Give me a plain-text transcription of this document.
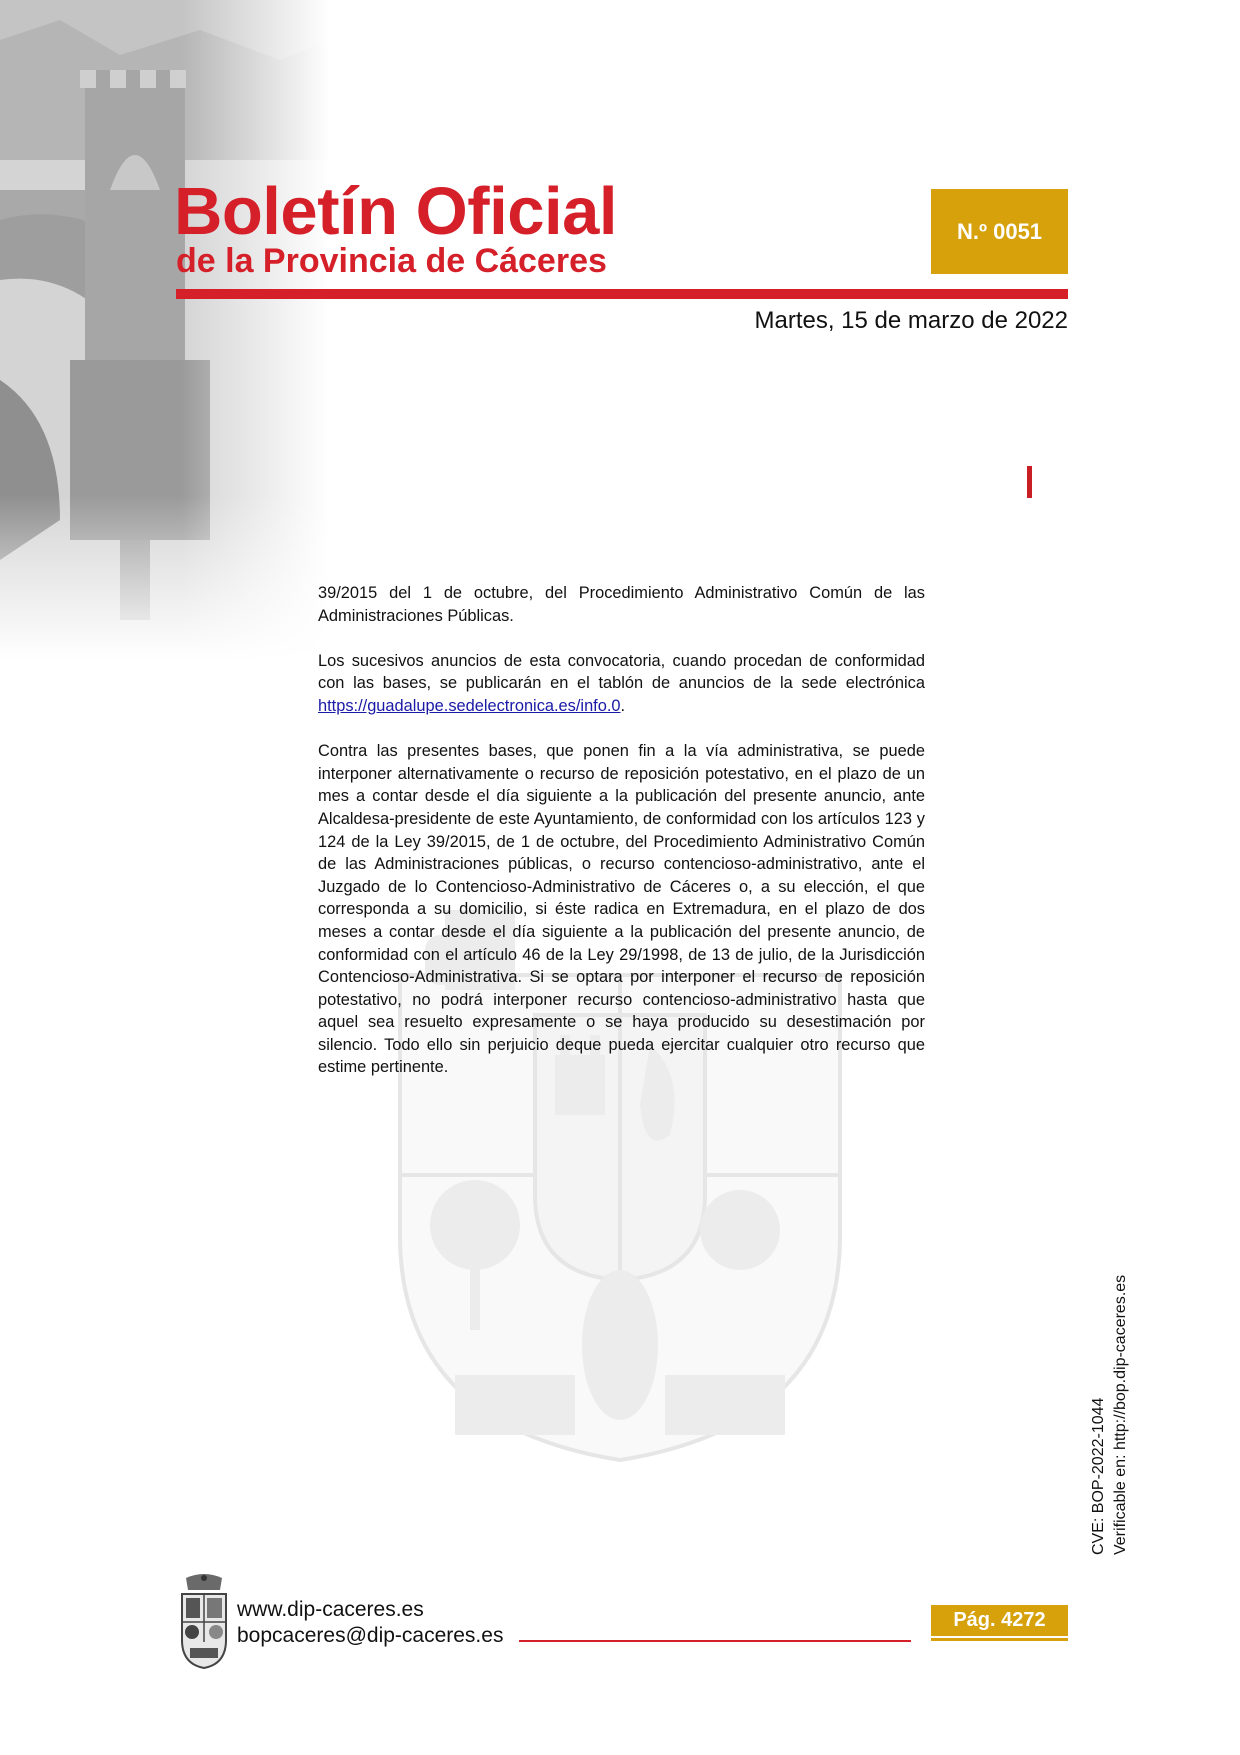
Boletín Oficial
de la Provincia de Cáceres
N.º 0051
Martes, 15 de marzo de 2022

39/2015 del 1 de octubre, del Procedimiento Administrativo Común de las Administraciones Públicas.

Los sucesivos anuncios de esta convocatoria, cuando procedan de conformidad con las bases, se publicarán en el tablón de anuncios de la sede electrónica https://guadalupe.sedelectronica.es/info.0.

Contra las presentes bases, que ponen fin a la vía administrativa, se puede interponer alternativamente o recurso de reposición potestativo, en el plazo de un mes a contar desde el día siguiente a la publicación del presente anuncio, ante Alcaldesa-presidente de este Ayuntamiento, de conformidad con los artículos 123 y 124 de la Ley 39/2015, de 1 de octubre, del Procedimiento Administrativo Común de las Administraciones públicas, o recurso contencioso-administrativo, ante el Juzgado de lo Contencioso-Administrativo de Cáceres o, a su elección, el que corresponda a su domicilio, si éste radica en Extremadura, en el plazo de dos meses a contar desde el día siguiente a la publicación del presente anuncio, de conformidad con el artículo 46 de la Ley 29/1998, de 13 de julio, de la Jurisdicción Contencioso-Administrativa. Si se optara por interponer el recurso de reposición potestativo, no podrá interponer recurso contencioso-administrativo hasta que aquel sea resuelto expresamente o se haya producido su desestimación por silencio. Todo ello sin perjuicio deque pueda ejercitar cualquier otro recurso que estime pertinente.

CVE: BOP-2022-1044 Verificable en: http://bop.dip-caceres.es
www.dip-caceres.es
bopcaceres@dip-caceres.es
Pág. 4272
